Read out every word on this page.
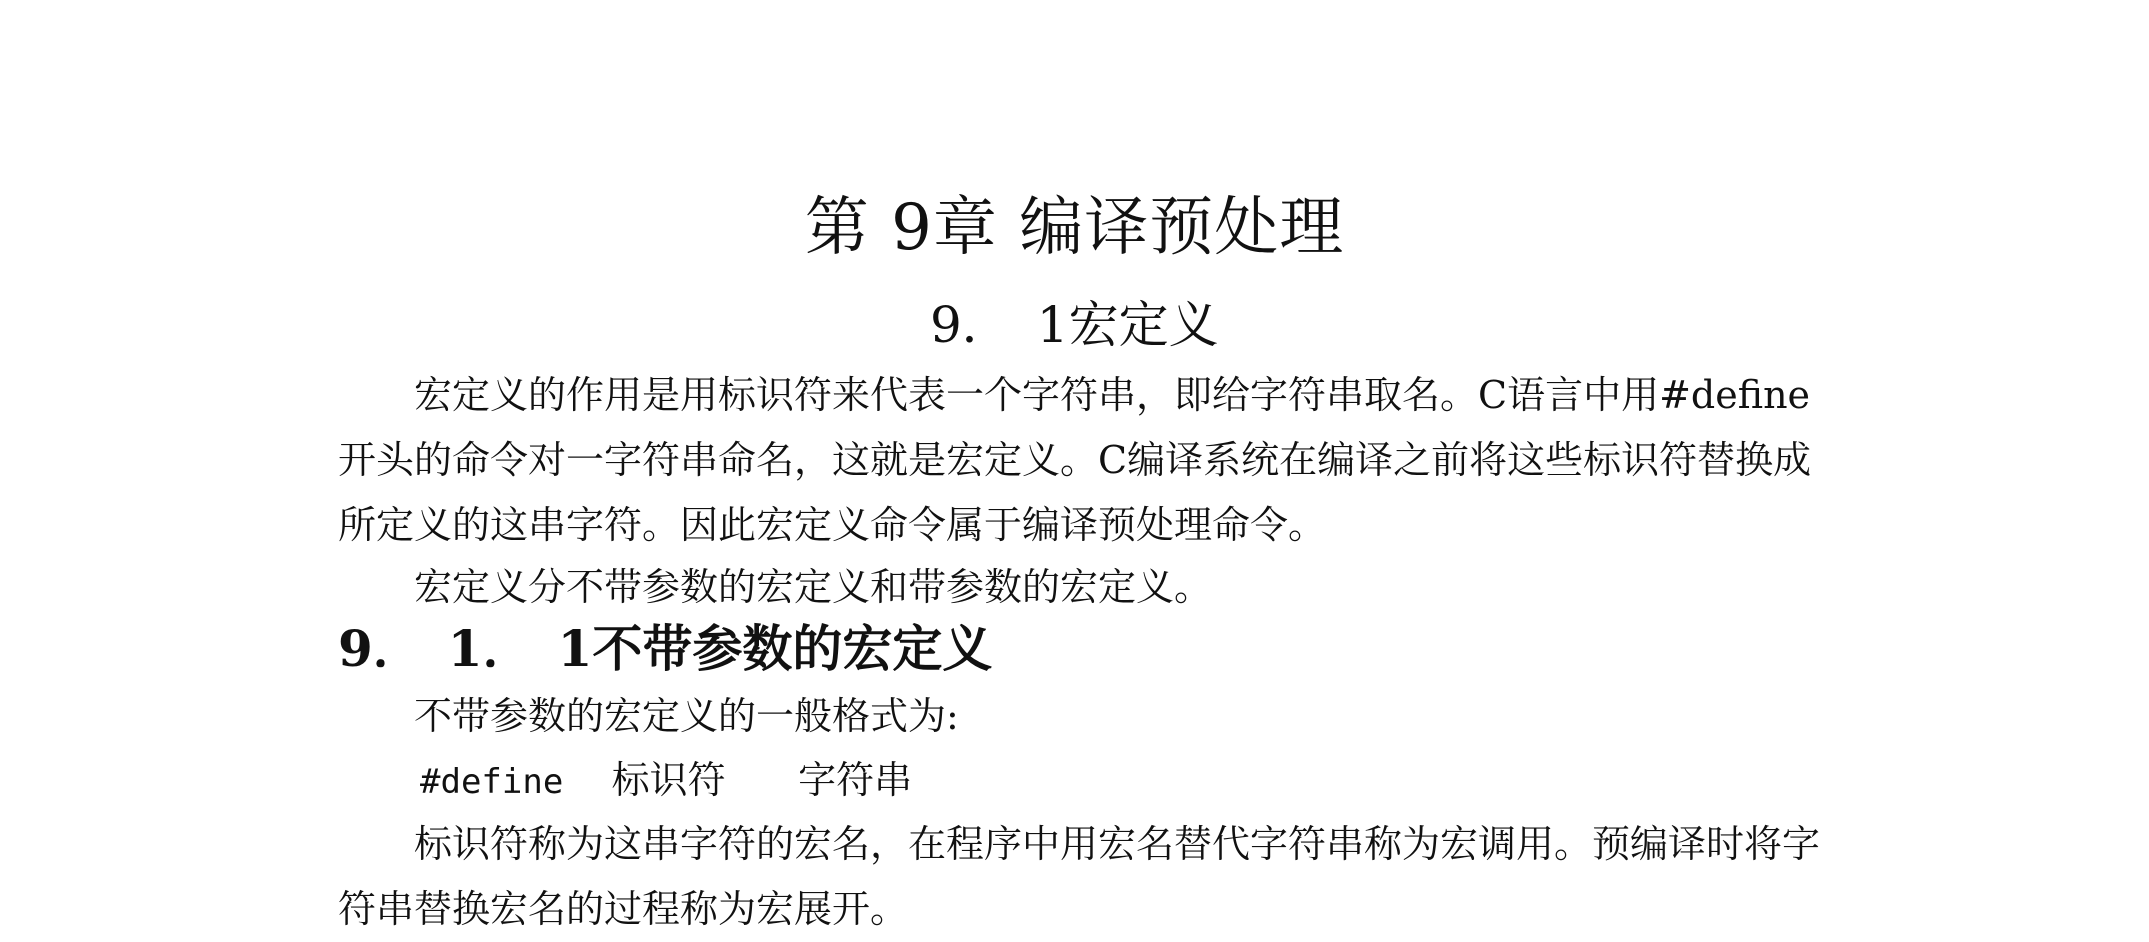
第 9章 编译预处理
9．　1宏定义
宏定义的作用是用标识符来代表一个字符串，即给字符串取名。C语言中用#define开头的命令对一字符串命名，这就是宏定义。C编译系统在编译之前将这些标识符替换成所定义的这串字符。因此宏定义命令属于编译预处理命令。
宏定义分不带参数的宏定义和带参数的宏定义。
9．　1．　1不带参数的宏定义
不带参数的宏定义的一般格式为:
#define 标识符 字符串
标识符称为这串字符的宏名，在程序中用宏名替代字符串称为宏调用。预编译时将字符串替换宏名的过程称为宏展开。
